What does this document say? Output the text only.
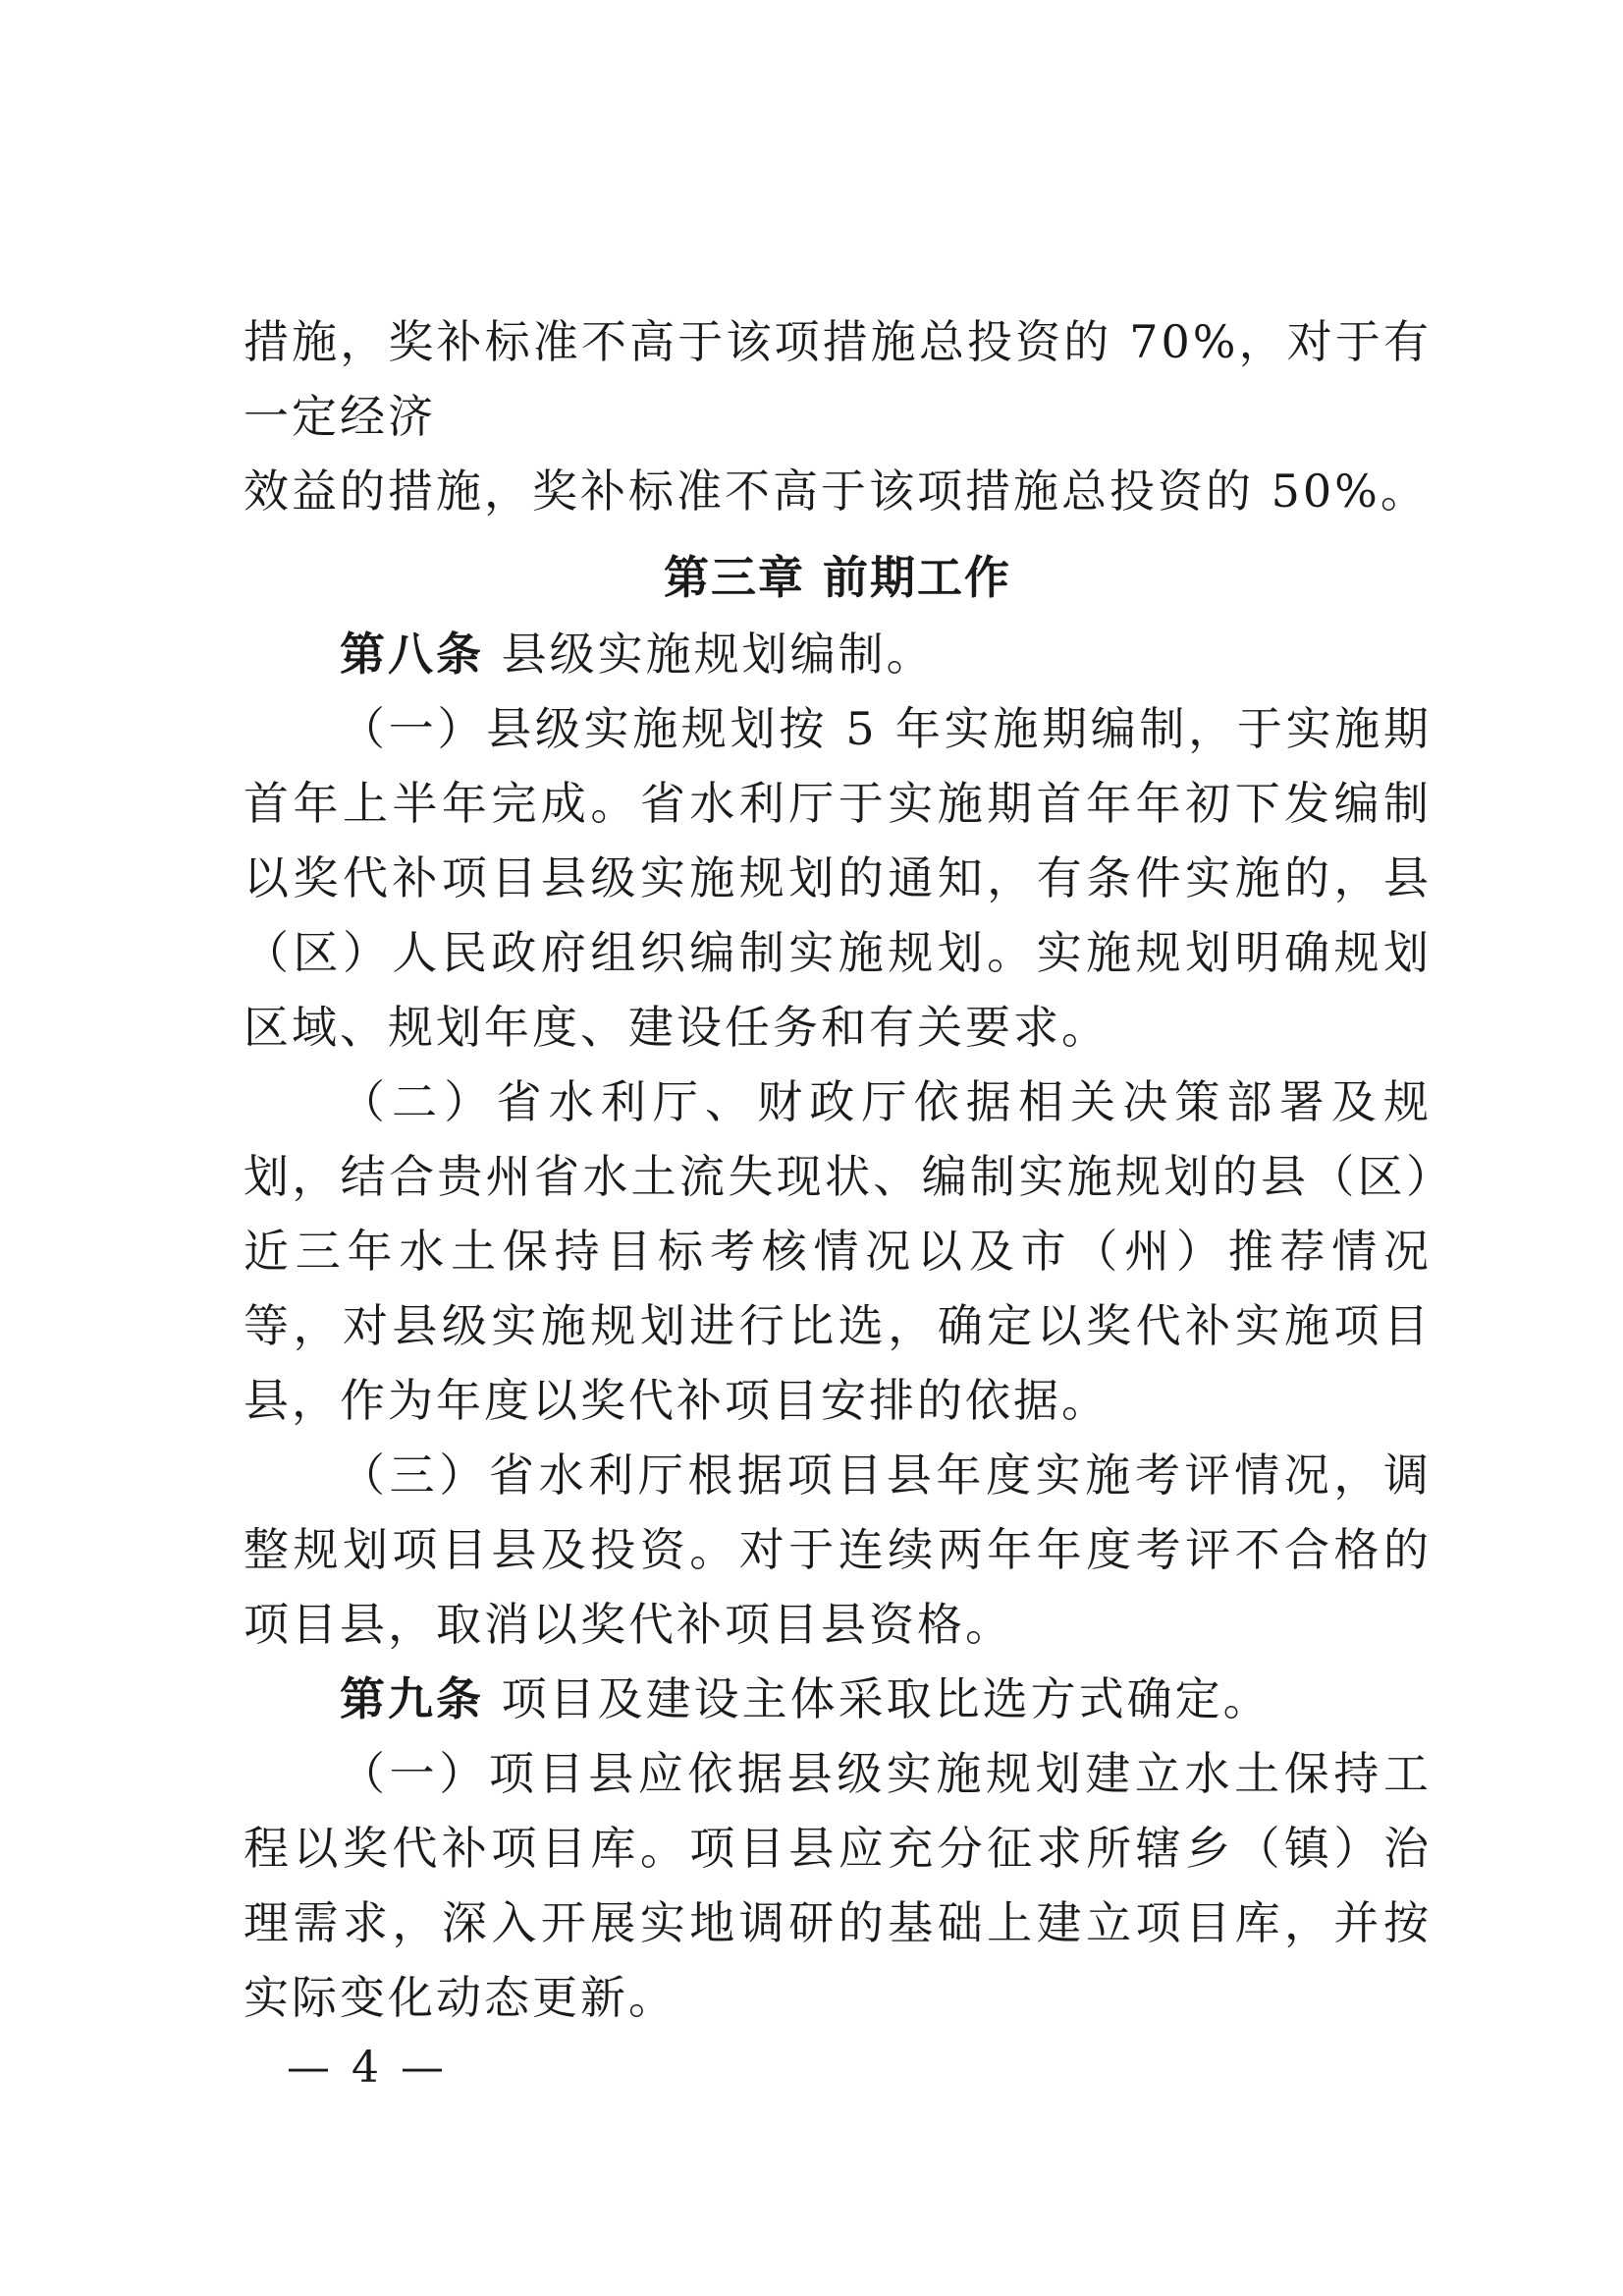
措施，奖补标准不高于该项措施总投资的 70%，对于有一定经济

效益的措施，奖补标准不高于该项措施总投资的 50%。

第三章 前期工作

第八条 县级实施规划编制。

（一）县级实施规划按 5 年实施期编制，于实施期首年上半年完成。省水利厅于实施期首年年初下发编制以奖代补项目县级实施规划的通知，有条件实施的，县（区）人民政府组织编制实施规划。实施规划明确规划区域、规划年度、建设任务和有关要求。

（二）省水利厅、财政厅依据相关决策部署及规划，结合贵州省水土流失现状、编制实施规划的县（区）近三年水土保持目标考核情况以及市（州）推荐情况等，对县级实施规划进行比选，确定以奖代补实施项目县，作为年度以奖代补项目安排的依据。

（三）省水利厅根据项目县年度实施考评情况，调整规划项目县及投资。对于连续两年年度考评不合格的项目县，取消以奖代补项目县资格。

第九条 项目及建设主体采取比选方式确定。

（一）项目县应依据县级实施规划建立水土保持工程以奖代补项目库。项目县应充分征求所辖乡（镇）治理需求，深入开展实地调研的基础上建立项目库，并按实际变化动态更新。

— 4 —
